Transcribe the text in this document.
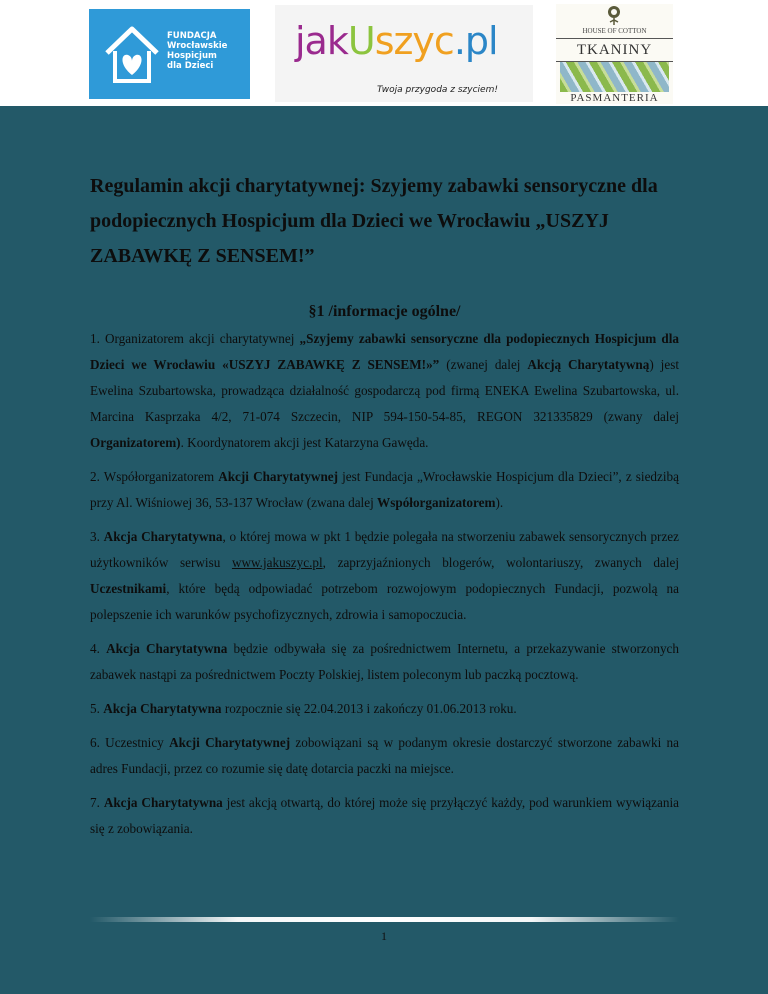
FUNDACJA
Wrocławskie
Hospicjum
dla Dzieci
jakUszyc.pl
Twoja przygoda z szyciem!
HOUSE OF COTTON
TKANINY
PASMANTERIA
Regulamin akcji charytatywnej: Szyjemy zabawki sensoryczne dla podopiecznych Hospicjum dla Dzieci we Wrocławiu „USZYJ ZABAWKĘ Z SENSEM!”
§1 /informacje ogólne/

1. Organizatorem akcji charytatywnej „Szyjemy zabawki sensoryczne dla podopiecznych Hospicjum dla Dzieci we Wrocławiu «USZYJ ZABAWKĘ Z SENSEM!»” (zwanej dalej Akcją Charytatywną) jest Ewelina Szubartowska, prowadząca działalność gospodarczą pod firmą ENEKA Ewelina Szubartowska, ul. Marcina Kasprzaka 4/2, 71-074 Szczecin, NIP 594-150-54-85, REGON 321335829 (zwany dalej Organizatorem). Koordynatorem akcji jest Katarzyna Gawęda.

2. Współorganizatorem Akcji Charytatywnej jest Fundacja „Wrocławskie Hospicjum dla Dzieci”, z siedzibą przy Al. Wiśniowej 36, 53-137 Wrocław (zwana dalej Współorganizatorem).

3. Akcja Charytatywna, o której mowa w pkt 1 będzie polegała na stworzeniu zabawek sensorycznych przez użytkowników serwisu www.jakuszyc.pl, zaprzyjaźnionych blogerów, wolontariuszy, zwanych dalej Uczestnikami, które będą odpowiadać potrzebom rozwojowym podopiecznych Fundacji, pozwolą na polepszenie ich warunków psychofizycznych, zdrowia i samopoczucia.

4. Akcja Charytatywna będzie odbywała się za pośrednictwem Internetu, a przekazywanie stworzonych zabawek nastąpi za pośrednictwem Poczty Polskiej, listem poleconym lub paczką pocztową.

5. Akcja Charytatywna rozpocznie się 22.04.2013 i zakończy 01.06.2013 roku.

6. Uczestnicy Akcji Charytatywnej zobowiązani są w podanym okresie dostarczyć stworzone zabawki na adres Fundacji, przez co rozumie się datę dotarcia paczki na miejsce.

7. Akcja Charytatywna jest akcją otwartą, do której może się przyłączyć każdy, pod warunkiem wywiązania się z zobowiązania.

1
